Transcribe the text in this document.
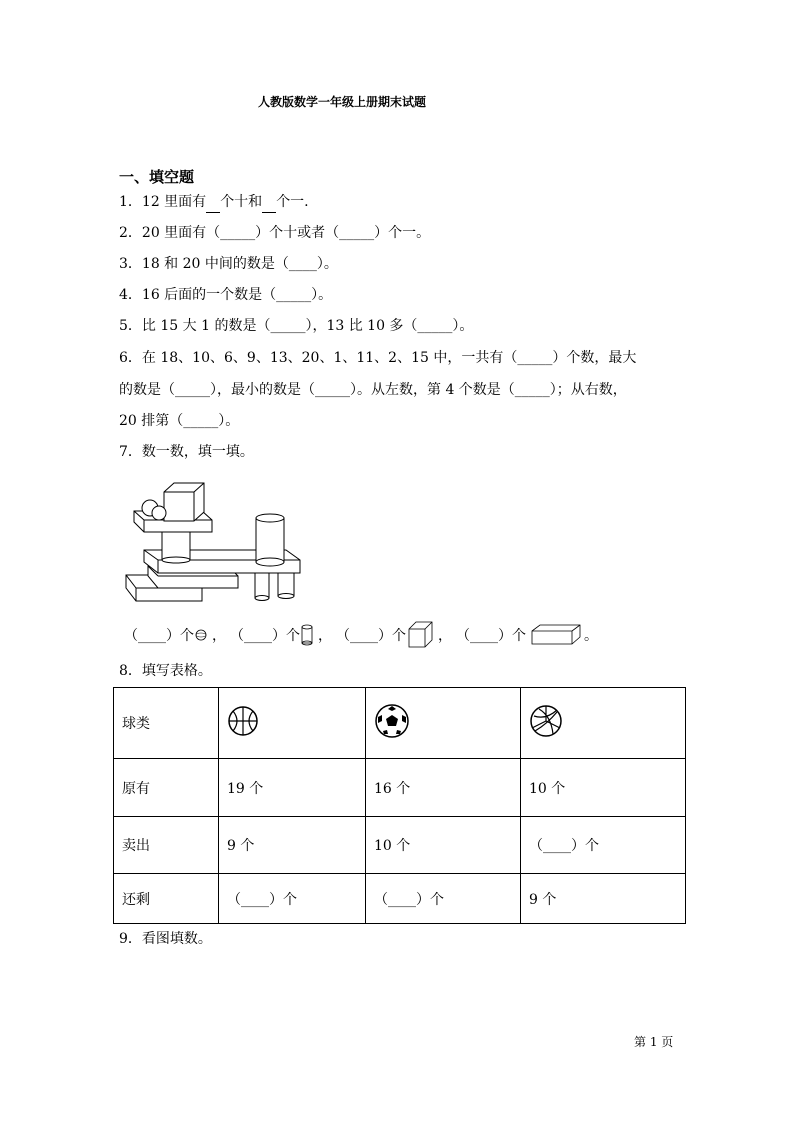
人教版数学一年级上册期末试题
一、填空题
1．12 里面有 个十和 个一.
2．20 里面有（_____）个十或者（_____）个一。
3．18 和 20 中间的数是（____）。
4．16 后面的一个数是（_____）。
5．比 15 大 1 的数是（_____），13 比 10 多（_____）。
6．在 18、10、6、9、13、20、1、11、2、15 中，一共有（_____）个数，最大
的数是（_____），最小的数是（_____）。从左数，第 4 个数是（_____）；从右数，
20 排第（_____）。
7．数一数，填一填。
（____） 个 ， （____） 个 ， （____） 个 ， （____） 个	。
8．填写表格。
球类			
原有	19 个	16 个	10 个
卖出	9 个	10 个	（____）个
还剩	（____）个	（____）个	9 个
9．看图填数。
第 1 页
